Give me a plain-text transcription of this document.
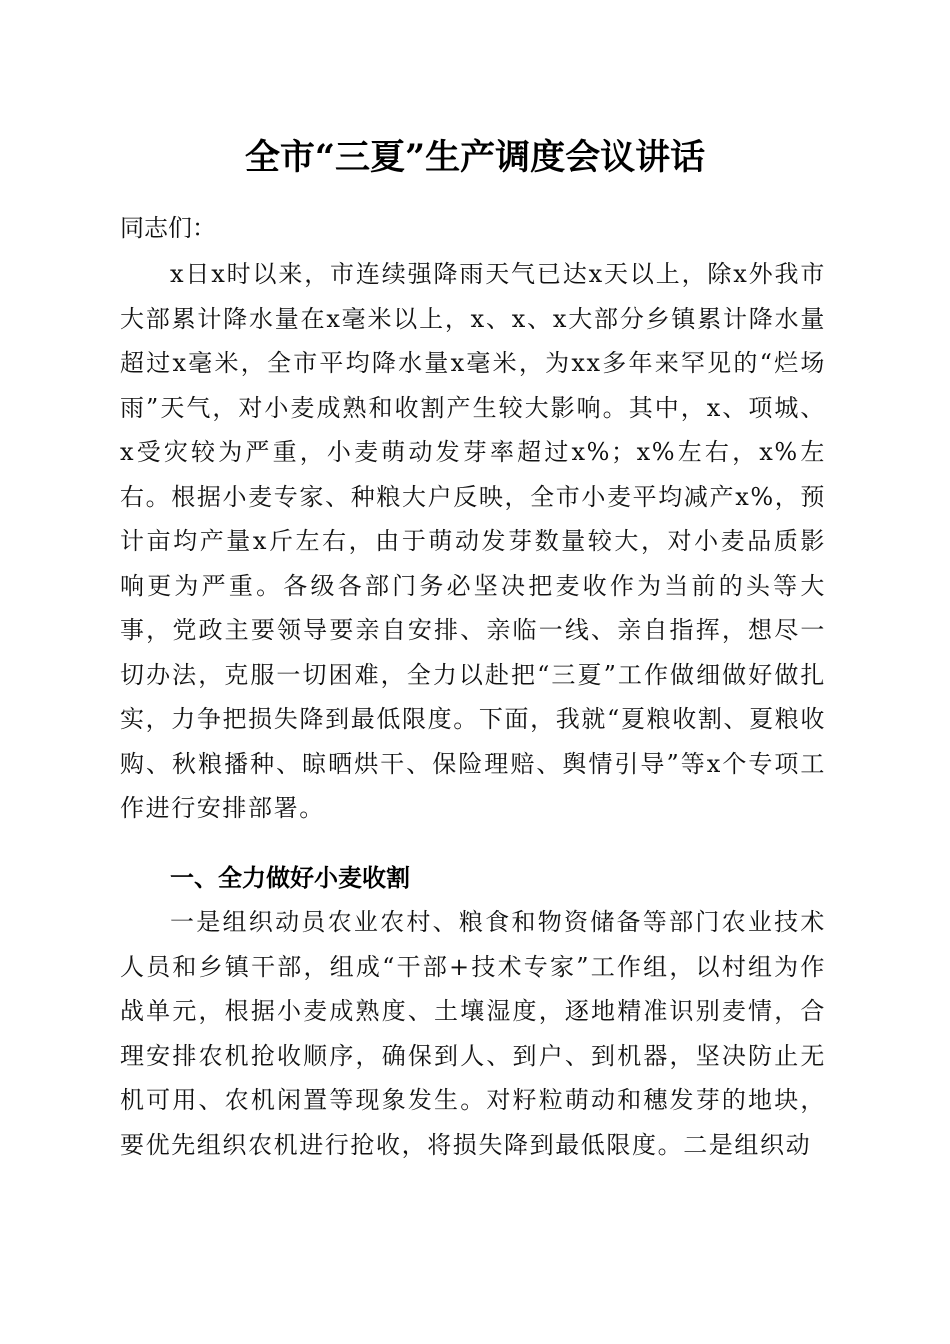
全市“三夏”生产调度会议讲话

同志们：

x日x时以来，市连续强降雨天气已达x天以上，除x外我市大部累计降水量在x毫米以上，x、x、x大部分乡镇累计降水量超过x毫米，全市平均降水量x毫米，为xx多年来罕见的“烂场雨”天气，对小麦成熟和收割产生较大影响。其中，x、项城、x受灾较为严重，小麦萌动发芽率超过x%；x%左右，x%左右。根据小麦专家、种粮大户反映，全市小麦平均减产x%，预计亩均产量x斤左右，由于萌动发芽数量较大，对小麦品质影响更为严重。各级各部门务必坚决把麦收作为当前的头等大事，党政主要领导要亲自安排、亲临一线、亲自指挥，想尽一切办法，克服一切困难，全力以赴把“三夏”工作做细做好做扎实，力争把损失降到最低限度。下面，我就“夏粮收割、夏粮收购、秋粮播种、晾晒烘干、保险理赔、舆情引导”等x个专项工作进行安排部署。

一、全力做好小麦收割

一是组织动员农业农村、粮食和物资储备等部门农业技术人员和乡镇干部，组成“干部+技术专家”工作组，以村组为作战单元，根据小麦成熟度、土壤湿度，逐地精准识别麦情，合理安排农机抢收顺序，确保到人、到户、到机器，坚决防止无机可用、农机闲置等现象发生。对籽粒萌动和穗发芽的地块，要优先组织农机进行抢收，将损失降到最低限度。二是组织动
